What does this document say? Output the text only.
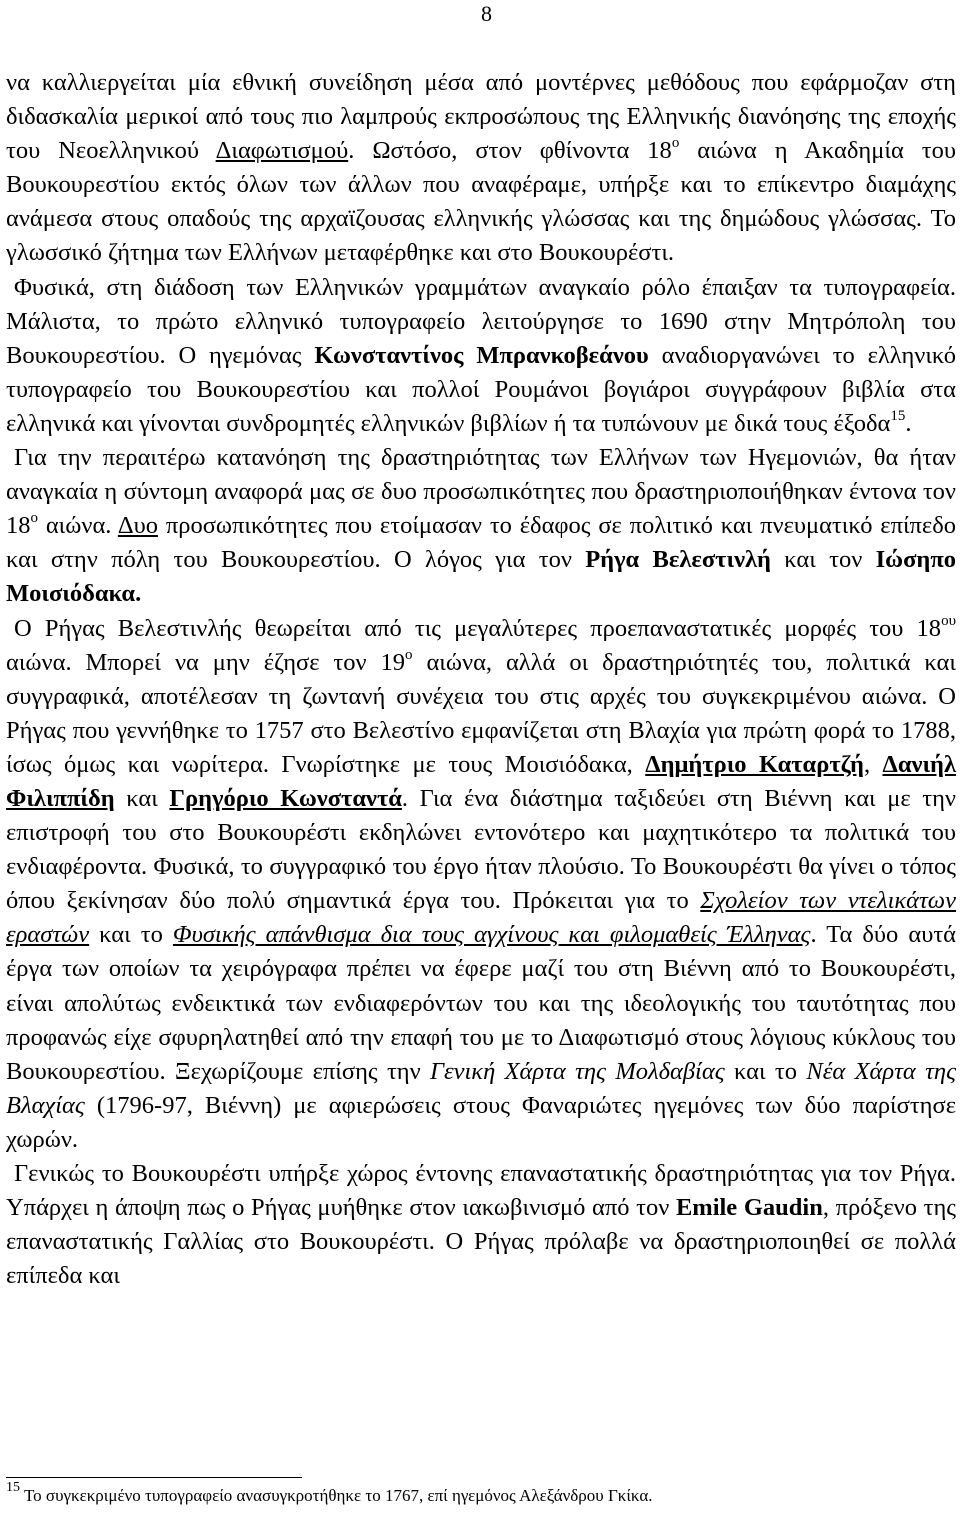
8

να καλλιεργείται μία εθνική συνείδηση μέσα από μοντέρνες μεθόδους που εφάρμοζαν στη διδασκαλία μερικοί από τους πιο λαμπρούς εκπροσώπους της Ελληνικής διανόησης της εποχής του Νεοελληνικού Διαφωτισμού. Ωστόσο, στον φθίνοντα $18^o$ αιώνα η Ακαδημία του Βουκουρεστίου εκτός όλων των άλλων που αναφέραμε, υπήρξε και το επίκεντρο διαμάχης ανάμεσα στους οπαδούς της αρχαϊζουσας ελληνικής γλώσσας και της δημώδους γλώσσας. Το γλωσσικό ζήτημα των Ελλήνων μεταφέρθηκε και στο Βουκουρέστι.

Φυσικά, στη διάδοση των Ελληνικών γραμμάτων αναγκαίο ρόλο έπαιξαν τα τυπογραφεία. Μάλιστα, το πρώτο ελληνικό τυπογραφείο λειτούργησε το 1690 στην Μητρόπολη του Βουκουρεστίου. Ο ηγεμόνας Κωνσταντίνος Μπρανκοβεάνου αναδιοργανώνει το ελληνικό τυπογραφείο του Βουκουρεστίου και πολλοί Ρουμάνοι βογιάροι συγγράφουν βιβλία στα ελληνικά και γίνονται συνδρομητές ελληνικών βιβλίων ή τα τυπώνουν με δικά τους έξοδα$^{15}$.

Για την περαιτέρω κατανόηση της δραστηριότητας των Ελλήνων των Ηγεμονιών, θα ήταν αναγκαία η σύντομη αναφορά μας σε δυο προσωπικότητες που δραστηριοποιήθηκαν έντονα τον $18^o$ αιώνα. Δυο προσωπικότητες που ετοίμασαν το έδαφος σε πολιτικό και πνευματικό επίπεδο και στην πόλη του Βουκουρεστίου. Ο λόγος για τον Ρήγα Βελεστινλή και τον Ιώσηπο Μοισιόδακα.

Ο Ρήγας Βελεστινλής θεωρείται από τις μεγαλύτερες προεπαναστατικές μορφές του $18^{o\upsilon}$ αιώνα. Μπορεί να μην έζησε τον $19^o$ αιώνα, αλλά οι δραστηριότητές του, πολιτικά και συγγραφικά, αποτέλεσαν τη ζωντανή συνέχεια του στις αρχές του συγκεκριμένου αιώνα. Ο Ρήγας που γεννήθηκε το 1757 στο Βελεστίνο εμφανίζεται στη Βλαχία για πρώτη φορά το 1788, ίσως όμως και νωρίτερα. Γνωρίστηκε με τους Μοισιόδακα, Δημήτριο Καταρτζή, Δανιήλ Φιλιππίδη και Γρηγόριο Κωνσταντά. Για ένα διάστημα ταξιδεύει στη Βιέννη και με την επιστροφή του στο Βουκουρέστι εκδηλώνει εντονότερο και μαχητικότερο τα πολιτικά του ενδιαφέροντα. Φυσικά, το συγγραφικό του έργο ήταν πλούσιο. Το Βουκουρέστι θα γίνει ο τόπος όπου ξεκίνησαν δύο πολύ σημαντικά έργα του. Πρόκειται για το Σχολείον των ντελικάτων εραστών και το Φυσικής απάνθισμα δια τους αγχίνους και φιλομαθείς Έλληνας. Τα δύο αυτά έργα των οποίων τα χειρόγραφα πρέπει να έφερε μαζί του στη Βιέννη από το Βουκουρέστι, είναι απολύτως ενδεικτικά των ενδιαφερόντων του και της ιδεολογικής του ταυτότητας που προφανώς είχε σφυρηλατηθεί από την επαφή του με το Διαφωτισμό στους λόγιους κύκλους του Βουκουρεστίου. Ξεχωρίζουμε επίσης την Γενική Χάρτα της Μολδαβίας και το Νέα Χάρτα της Βλαχίας (1796-97, Βιέννη) με αφιερώσεις στους Φαναριώτες ηγεμόνες των δύο παρίστησε χωρών.

Γενικώς το Βουκουρέστι υπήρξε χώρος έντονης επαναστατικής δραστηριότητας για τον Ρήγα. Υπάρχει η άποψη πως ο Ρήγας μυήθηκε στον ιακωβινισμό από τον Emile Gaudin, πρόξενο της επαναστατικής Γαλλίας στο Βουκουρέστι. Ο Ρήγας πρόλαβε να δραστηριοποιηθεί σε πολλά επίπεδα και

$^{15}$ Το συγκεκριμένο τυπογραφείο ανασυγκροτήθηκε το 1767, επί ηγεμόνος Αλεξάνδρου Γκίκα.
